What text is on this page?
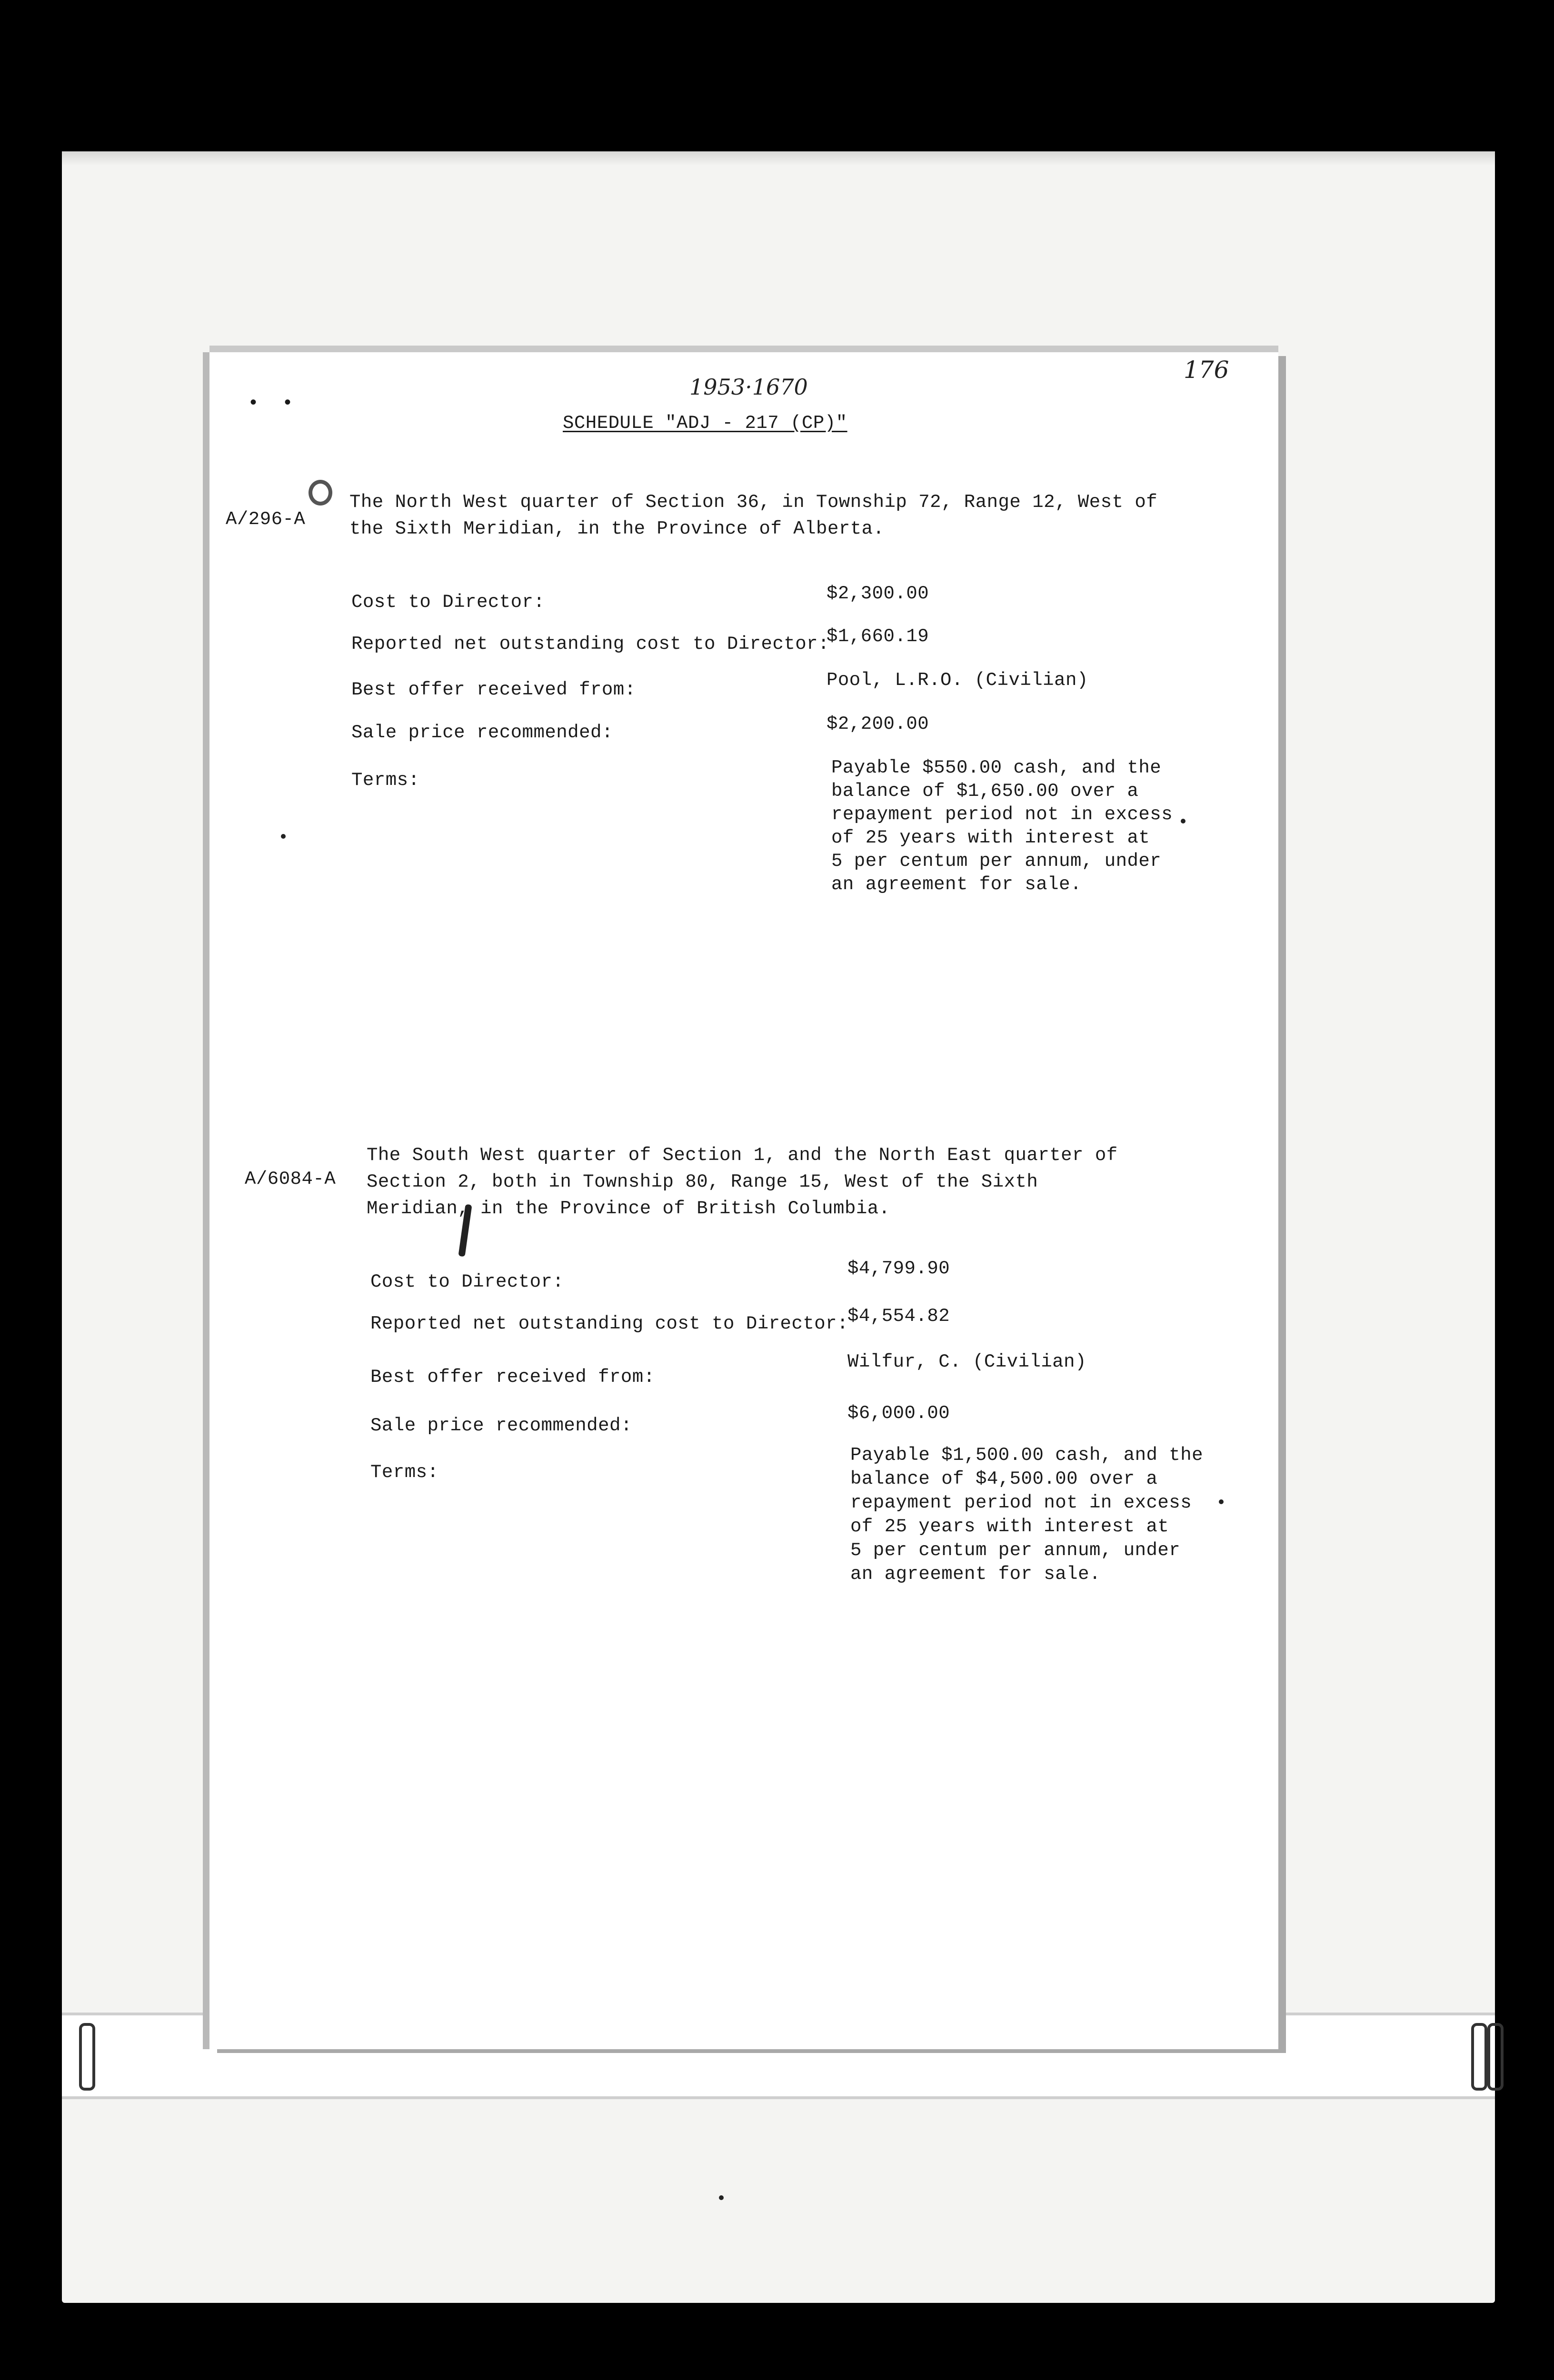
•  •
1953·1670
176
SCHEDULE "ADJ - 217 (CP)"
A/296-A
The North West quarter of Section 36, in Township 72, Range 12, West of
the Sixth Meridian, in the Province of Alberta.
Cost to Director:	$2,300.00
Reported net outstanding cost to Director:
$1,660.19
Best offer received from:	Pool, L.R.O. (Civilian)
Sale price recommended:	$2,200.00
Terms:
Payable $550.00 cash, and the
balance of $1,650.00 over a
repayment period not in excess
of 25 years with interest at
5 per centum per annum, under
an agreement for sale.
A/6084-A
The South West quarter of Section 1, and the North East quarter of
Section 2, both in Township 80, Range 15, West of the Sixth
Meridian, in the Province of British Columbia.
Cost to Director:
$4,799.90
Reported net outstanding cost to Director:
$4,554.82
Best offer received from:
Wilfur, C. (Civilian)
Sale price recommended:
$6,000.00
Terms:
Payable $1,500.00 cash, and the
balance of $4,500.00 over a
repayment period not in excess
of 25 years with interest at
5 per centum per annum, under
an agreement for sale.
